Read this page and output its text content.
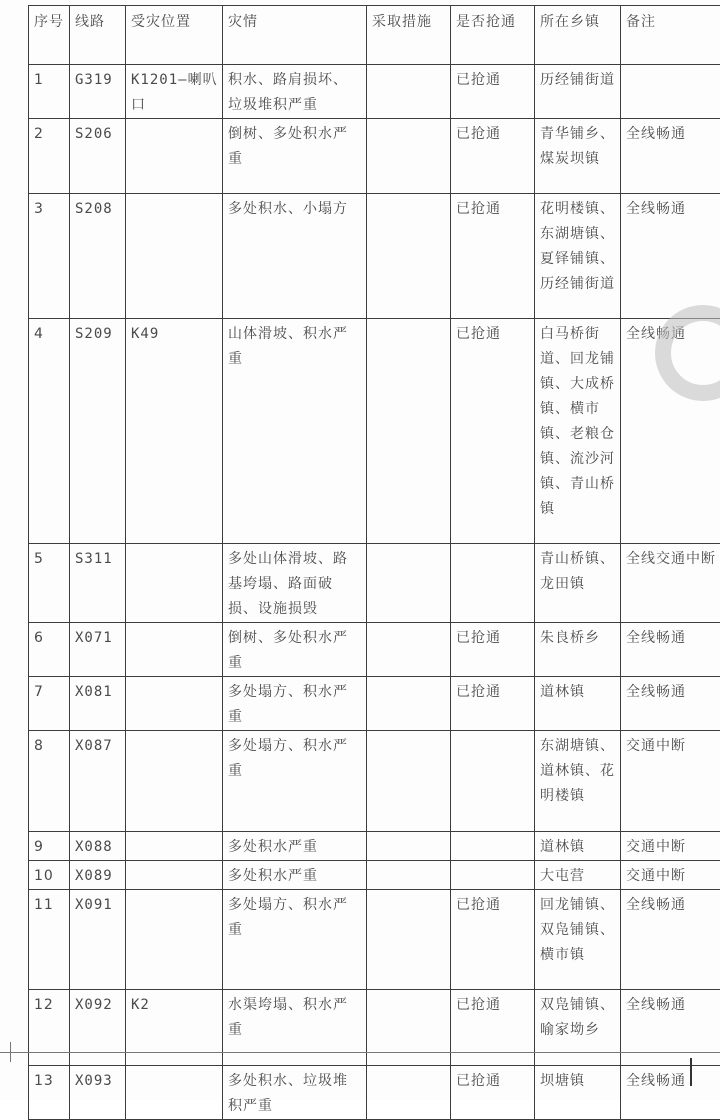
序号	线路	受灾位置	灾情	采取措施	是否抢通	所在乡镇	备注
1	G319	K1201—喇叭口	积水、路肩损坏、垃圾堆积严重		已抢通	历经铺街道	
2	S206		倒树、多处积水严重		已抢通	青华铺乡、煤炭坝镇	全线畅通
3	S208		多处积水、小塌方		已抢通	花明楼镇、东湖塘镇、夏铎铺镇、历经铺街道	全线畅通
4	S209	K49	山体滑坡、积水严重		已抢通	白马桥街道、回龙铺镇、大成桥镇、横市镇、老粮仓镇、流沙河镇、青山桥镇	全线畅通
5	S311		多处山体滑坡、路基垮塌、路面破损、设施损毁			青山桥镇、龙田镇	全线交通中断
6	X071		倒树、多处积水严重		已抢通	朱良桥乡	全线畅通
7	X081		多处塌方、积水严重		已抢通	道林镇	全线畅通
8	X087		多处塌方、积水严重			东湖塘镇、道林镇、花明楼镇	交通中断
9	X088		多处积水严重			道林镇	交通中断
10	X089		多处积水严重			大屯营	交通中断
11	X091		多处塌方、积水严重		已抢通	回龙铺镇、双凫铺镇、横市镇	全线畅通
12	X092	K2	水渠垮塌、积水严重		已抢通	双凫铺镇、喻家坳乡	全线畅通
13	X093		多处积水、垃圾堆积严重		已抢通	坝塘镇	全线畅通
